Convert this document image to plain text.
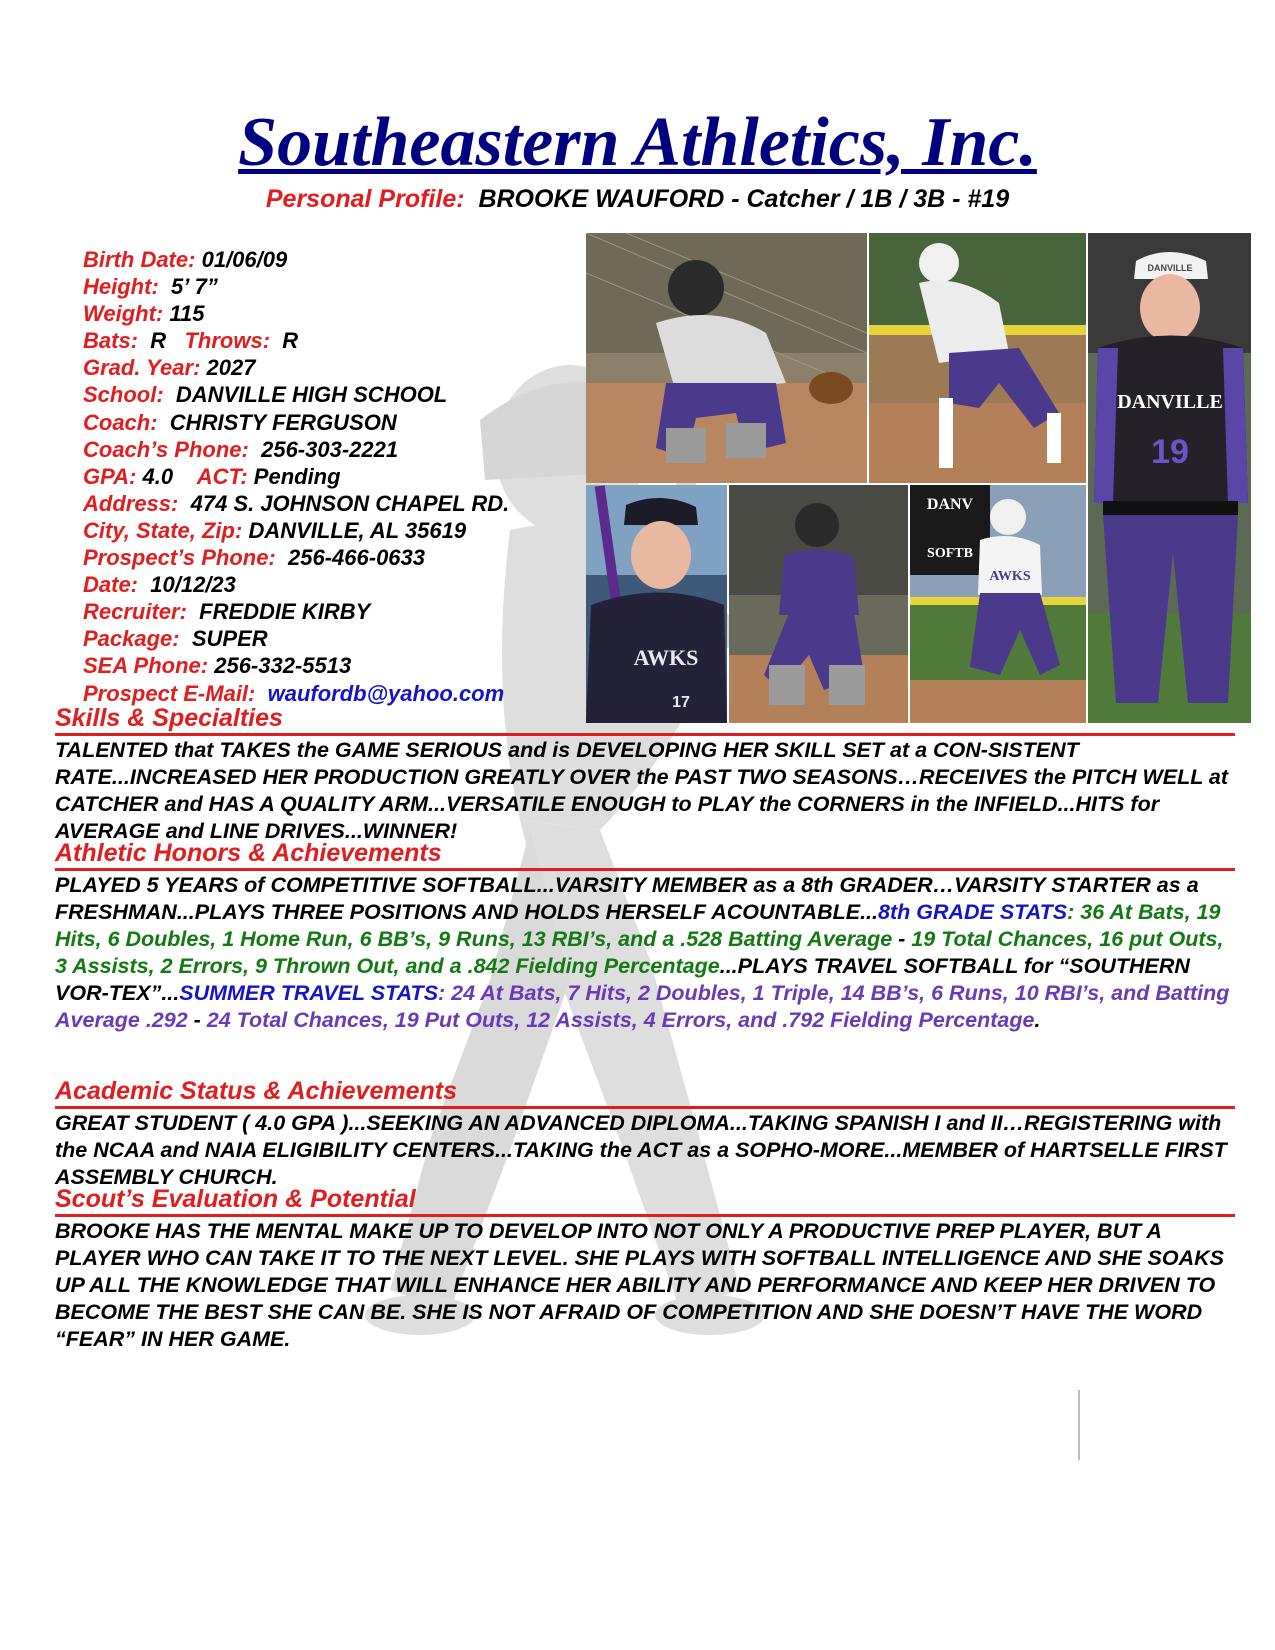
Southeastern Athletics, Inc.
Personal Profile: BROOKE WAUFORD - Catcher / 1B / 3B - #19
Birth Date: 01/06/09
Height: 5’ 7”
Weight: 115
Bats: R Throws: R
Grad. Year: 2027
School: DANVILLE HIGH SCHOOL
Coach: CHRISTY FERGUSON
Coach’s Phone: 256-303-2221
GPA: 4.0 ACT: Pending
Address: 474 S. JOHNSON CHAPEL RD.
City, State, Zip: DANVILLE, AL 35619
Prospect’s Phone: 256-466-0633
Date: 10/12/23
Recruiter: FREDDIE KIRBY
Package: SUPER
SEA Phone: 256-332-5513
Prospect E-Mail: waufordb@yahoo.com
DANVILLE
DANVILLE
19
AWKS
17
DANV
SOFTB
AWKS
Skills & Specialties
TALENTED that TAKES the GAME SERIOUS and is DEVELOPING HER SKILL SET at a CON-SISTENT RATE...INCREASED HER PRODUCTION GREATLY OVER the PAST TWO SEASONS…RECEIVES the PITCH WELL at CATCHER and HAS A QUALITY ARM...VERSATILE ENOUGH to PLAY the CORNERS in the INFIELD...HITS for AVERAGE and LINE DRIVES...WINNER!
Athletic Honors & Achievements
PLAYED 5 YEARS of COMPETITIVE SOFTBALL...VARSITY MEMBER as a 8th GRADER…VARSITY STARTER as a FRESHMAN...PLAYS THREE POSITIONS AND HOLDS HERSELF ACOUNTABLE...8th GRADE STATS: 36 At Bats, 19 Hits, 6 Doubles, 1 Home Run, 6 BB’s, 9 Runs, 13 RBI’s, and a .528 Batting Average - 19 Total Chances, 16 put Outs, 3 Assists, 2 Errors, 9 Thrown Out, and a .842 Fielding Percentage...PLAYS TRAVEL SOFTBALL for “SOUTHERN VOR-TEX”...SUMMER TRAVEL STATS: 24 At Bats, 7 Hits, 2 Doubles, 1 Triple, 14 BB’s, 6 Runs, 10 RBI’s, and Batting Average .292 - 24 Total Chances, 19 Put Outs, 12 Assists, 4 Errors, and .792 Fielding Percentage.
Academic Status & Achievements
GREAT STUDENT ( 4.0 GPA )...SEEKING AN ADVANCED DIPLOMA...TAKING SPANISH I and II…REGISTERING with the NCAA and NAIA ELIGIBILITY CENTERS...TAKING the ACT as a SOPHO-MORE...MEMBER of HARTSELLE FIRST ASSEMBLY CHURCH.
Scout’s Evaluation & Potential
BROOKE HAS THE MENTAL MAKE UP TO DEVELOP INTO NOT ONLY A PRODUCTIVE PREP PLAYER, BUT A PLAYER WHO CAN TAKE IT TO THE NEXT LEVEL. SHE PLAYS WITH SOFTBALL INTELLIGENCE AND SHE SOAKS UP ALL THE KNOWLEDGE THAT WILL ENHANCE HER ABILITY AND PERFORMANCE AND KEEP HER DRIVEN TO BECOME THE BEST SHE CAN BE. SHE IS NOT AFRAID OF COMPETITION AND SHE DOESN’T HAVE THE WORD “FEAR” IN HER GAME.
